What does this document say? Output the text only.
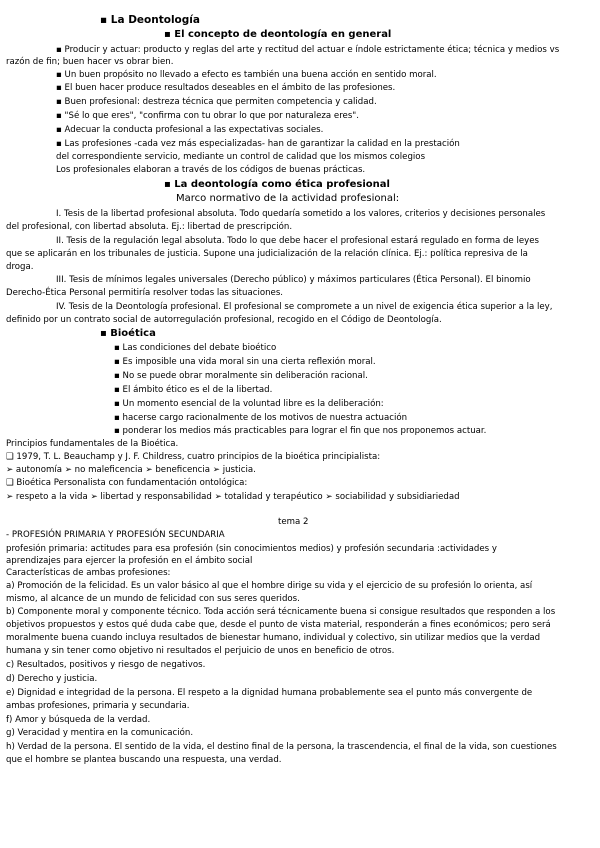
▪ La Deontología
▪ El concepto de deontología en general
▪ Producir y actuar: producto y reglas del arte y rectitud del actuar e índole estrictamente ética; técnica y medios vs
razón de fin; buen hacer vs obrar bien.
▪ Un buen propósito no llevado a efecto es también una buena acción en sentido moral.
▪ El buen hacer produce resultados deseables en el ámbito de las profesiones.
▪ Buen profesional: destreza técnica que permiten competencia y calidad.
▪ "Sé lo que eres", "confirma con tu obrar lo que por naturaleza eres".
▪ Adecuar la conducta profesional a las expectativas sociales.
▪ Las profesiones -cada vez más especializadas- han de garantizar la calidad en la prestación
del correspondiente servicio, mediante un control de calidad que los mismos colegios
Los profesionales elaboran a través de los códigos de buenas prácticas.
▪ La deontología como ética profesional
Marco normativo de la actividad profesional:
I. Tesis de la libertad profesional absoluta. Todo quedaría sometido a los valores, criterios y decisiones personales
del profesional, con libertad absoluta. Ej.: libertad de prescripción.
II. Tesis de la regulación legal absoluta. Todo lo que debe hacer el profesional estará regulado en forma de leyes
que se aplicarán en los tribunales de justicia. Supone una judicialización de la relación clínica. Ej.: política represiva de la
droga.
III. Tesis de mínimos legales universales (Derecho público) y máximos particulares (Ética Personal). El binomio
Derecho-Ética Personal permitiría resolver todas las situaciones.
IV. Tesis de la Deontología profesional. El profesional se compromete a un nivel de exigencia ética superior a la ley,
definido por un contrato social de autorregulación profesional, recogido en el Código de Deontología.
▪ Bioética
▪ Las condiciones del debate bioético
▪ Es imposible una vida moral sin una cierta reflexión moral.
▪ No se puede obrar moralmente sin deliberación racional.
▪ El ámbito ético es el de la libertad.
▪ Un momento esencial de la voluntad libre es la deliberación:
▪ hacerse cargo racionalmente de los motivos de nuestra actuación
▪ ponderar los medios más practicables para lograr el fin que nos proponemos actuar.
Principios fundamentales de la Bioética.
❑ 1979, T. L. Beauchamp y J. F. Childress, cuatro principios de la bioética principialista:
➢ autonomía ➢ no maleficencia ➢ beneficencia ➢ justicia.
❑ Bioética Personalista con fundamentación ontológica:
➢ respeto a la vida ➢ libertad y responsabilidad ➢ totalidad y terapéutico ➢ sociabilidad y subsidiariedad
tema 2
- PROFESIÓN PRIMARIA Y PROFESIÓN SECUNDARIA
profesión primaria: actitudes para esa profesión (sin conocimientos medios) y profesión secundaria :actividades y
aprendizajes para ejercer la profesión en el ámbito social
Características de ambas profesiones:
a) Promoción de la felicidad. Es un valor básico al que el hombre dirige su vida y el ejercicio de su profesión lo orienta, así
mismo, al alcance de un mundo de felicidad con sus seres queridos.
b) Componente moral y componente técnico. Toda acción será técnicamente buena si consigue resultados que responden a los
objetivos propuestos y estos qué duda cabe que, desde el punto de vista material, responderán a fines económicos; pero será
moralmente buena cuando incluya resultados de bienestar humano, individual y colectivo, sin utilizar medios que la verdad
humana y sin tener como objetivo ni resultados el perjuicio de unos en beneficio de otros.
c) Resultados, positivos y riesgo de negativos.
d) Derecho y justicia.
e) Dignidad e integridad de la persona. El respeto a la dignidad humana probablemente sea el punto más convergente de
ambas profesiones, primaria y secundaria.
f) Amor y búsqueda de la verdad.
g) Veracidad y mentira en la comunicación.
h) Verdad de la persona. El sentido de la vida, el destino final de la persona, la trascendencia, el final de la vida, son cuestiones
que el hombre se plantea buscando una respuesta, una verdad.
